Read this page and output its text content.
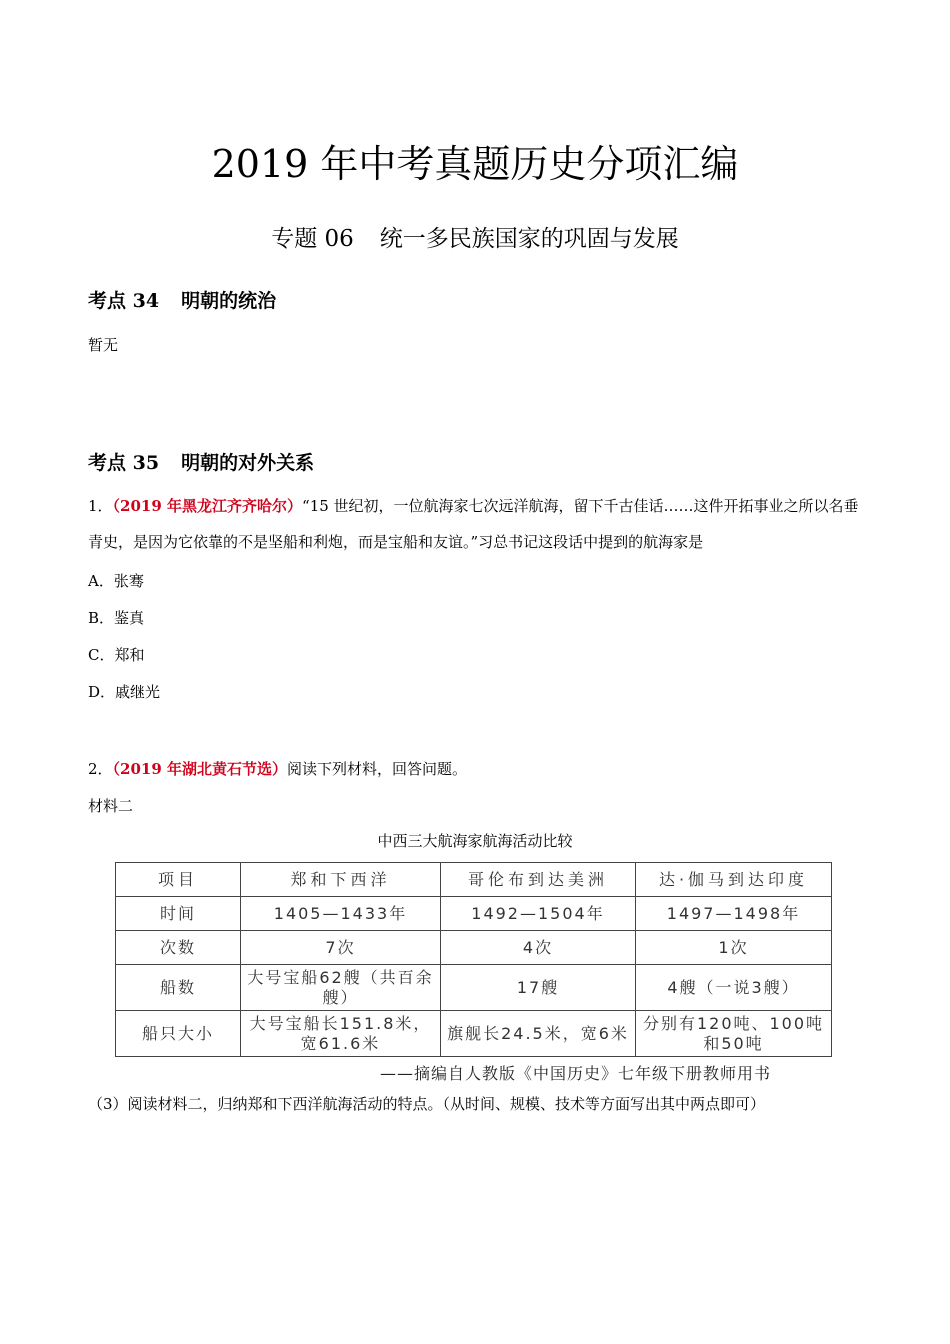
2019 年中考真题历史分项汇编
专题 06 统一多民族国家的巩固与发展
考点 34 明朝的统治
暂无
考点 35 明朝的对外关系
1．（2019 年黑龙江齐齐哈尔）“15 世纪初，一位航海家七次远洋航海，留下千古佳话……这件开拓事业之所以名垂青史，是因为它依靠的不是坚船和利炮，而是宝船和友谊。”习总书记这段话中提到的航海家是
A．张骞
B．鉴真
C．郑和
D．戚继光
2．（2019 年湖北黄石节选）阅读下列材料，回答问题。
材料二
中西三大航海家航海活动比较
项目	郑和下西洋	哥伦布到达美洲	达·伽马到达印度
时间	1405—1433年	1492—1504年	1497—1498年
次数	7次	4次	1次
船数	大号宝船62艘（共百余艘）	17艘	4艘（一说3艘）
船只大小	大号宝船长151.8米，宽61.6米	旗舰长24.5米，宽6米	分别有120吨、100吨和50吨
——摘编自人教版《中国历史》七年级下册教师用书
（3）阅读材料二，归纳郑和下西洋航海活动的特点。（从时间、规模、技术等方面写出其中两点即可）
